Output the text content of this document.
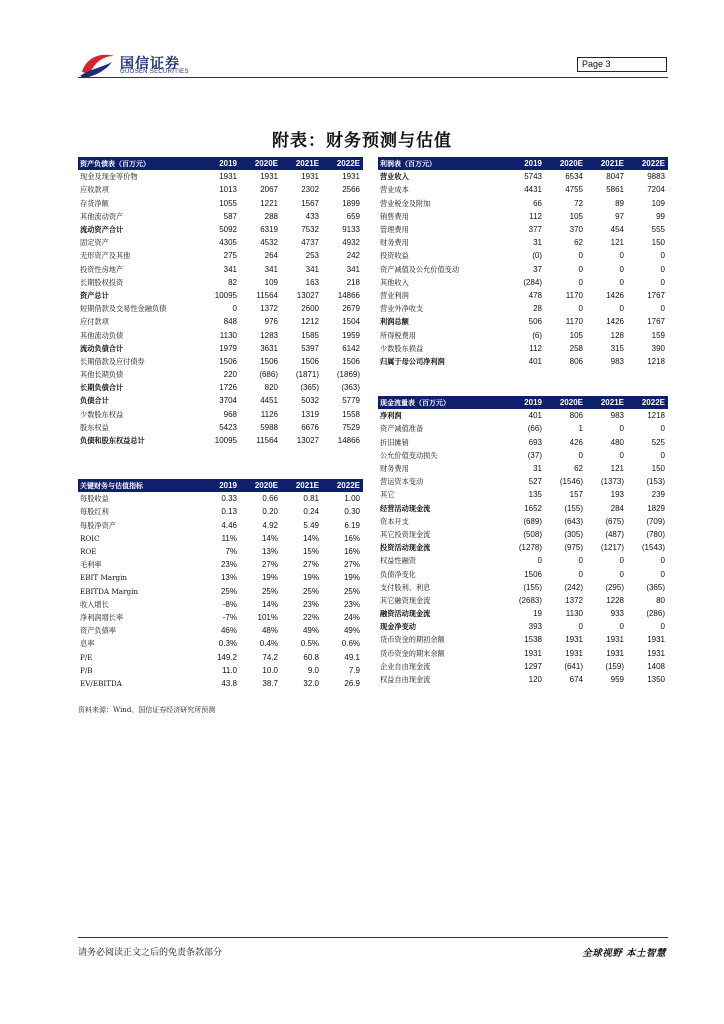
国信证券
GUOSEN SECURITIES
Page 3
附表：财务预测与估值
资产负债表（百万元）	2019	2020E	2021E	2022E
现金及现金等价物	1931	1931	1931	1931
应收款项	1013	2067	2302	2566
存货净额	1055	1221	1567	1899
其他流动资产	587	288	433	659
流动资产合计	5092	6319	7532	9133
固定资产	4305	4532	4737	4932
无形资产及其他	275	264	253	242
投资性房地产	341	341	341	341
长期股权投资	82	109	163	218
资产总计	10095	11564	13027	14866
短期借款及交易性金融负债	0	1372	2600	2679
应付款项	848	976	1212	1504
其他流动负债	1130	1283	1585	1959
流动负债合计	1979	3631	5397	6142
长期借款及应付债券	1506	1506	1506	1506
其他长期负债	220	(686)	(1871)	(1869)
长期负债合计	1726	820	(365)	(363)
负债合计	3704	4451	5032	5779
少数股东权益	968	1126	1319	1558
股东权益	5423	5988	6676	7529
负债和股东权益总计	10095	11564	13027	14866
利润表（百万元）	2019	2020E	2021E	2022E
营业收入	5743	6534	8047	9883
营业成本	4431	4755	5861	7204
营业税金及附加	66	72	89	109
销售费用	112	105	97	99
管理费用	377	370	454	555
财务费用	31	62	121	150
投资收益	(0)	0	0	0
资产减值及公允价值变动	37	0	0	0
其他收入	(284)	0	0	0
营业利润	478	1170	1426	1767
营业外净收支	28	0	0	0
利润总额	506	1170	1426	1767
所得税费用	(6)	105	128	159
少数股东损益	112	258	315	390
归属于母公司净利润	401	806	983	1218
现金流量表（百万元）	2019	2020E	2021E	2022E
净利润	401	806	983	1218
资产减值准备	(66)	1	0	0
折旧摊销	693	426	480	525
公允价值变动损失	(37)	0	0	0
财务费用	31	62	121	150
营运资本变动	527	(1546)	(1373)	(153)
其它	135	157	193	239
经营活动现金流	1652	(155)	284	1829
资本开支	(689)	(643)	(675)	(709)
其它投资现金流	(508)	(305)	(487)	(780)
投资活动现金流	(1278)	(975)	(1217)	(1543)
权益性融资	0	0	0	0
负债净变化	1506	0	0	0
支付股利、利息	(155)	(242)	(295)	(365)
其它融资现金流	(2683)	1372	1228	80
融资活动现金流	19	1130	933	(286)
现金净变动	393	0	0	0
货币资金的期初余额	1538	1931	1931	1931
货币资金的期末余额	1931	1931	1931	1931
企业自由现金流	1297	(641)	(159)	1408
权益自由现金流	120	674	959	1350
关键财务与估值指标	2019	2020E	2021E	2022E
每股收益	0.33	0.66	0.81	1.00
每股红利	0.13	0.20	0.24	0.30
每股净资产	4.46	4.92	5.49	6.19
ROIC	11%	14%	14%	16%
ROE	7%	13%	15%	16%
毛利率	23%	27%	27%	27%
EBIT Margin	13%	19%	19%	19%
EBITDA Margin	25%	25%	25%	25%
收入增长	-8%	14%	23%	23%
净利润增长率	-7%	101%	22%	24%
资产负债率	46%	48%	49%	49%
息率	0.3%	0.4%	0.5%	0.6%
P/E	149.2	74.2	60.8	49.1
P/B	11.0	10.0	9.0	7.9
EV/EBITDA	43.8	38.7	32.0	26.9
资料来源：Wind、国信证券经济研究所预测
请务必阅读正文之后的免责条款部分	全球视野 本土智慧
